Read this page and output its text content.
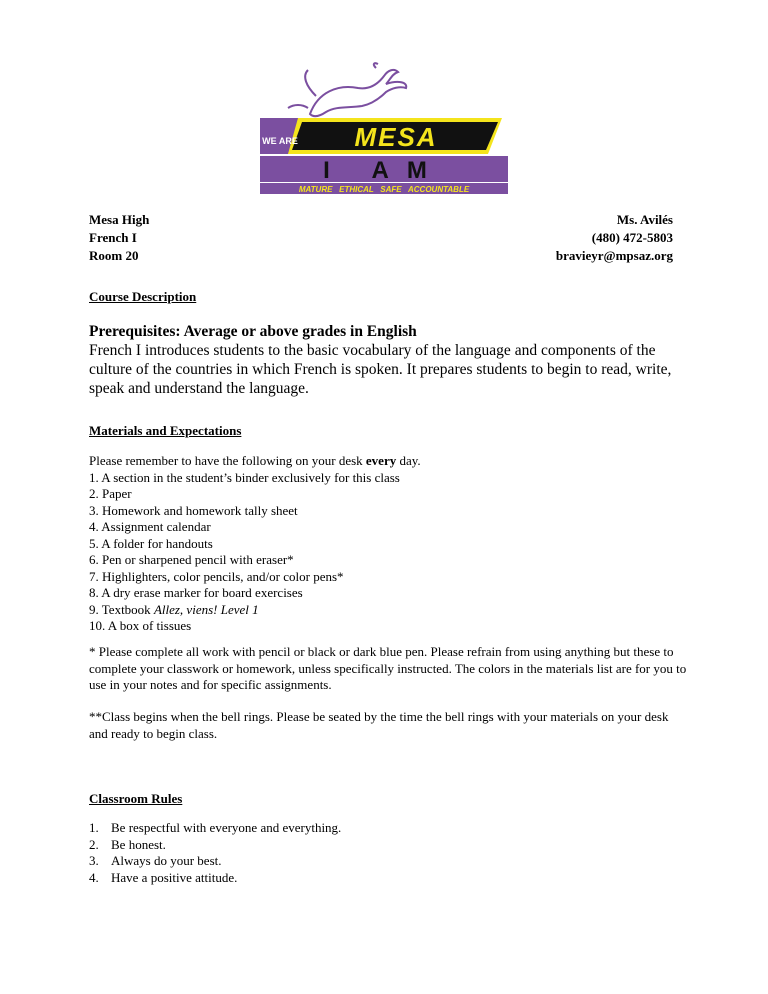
WE ARE MESA
I AM
MATURE   ETHICAL   SAFE   ACCOUNTABLE
Mesa High
French I
Room 20
Ms. Avilés
(480) 472-5803
bravieyr@mpsaz.org
Course Description
Prerequisites: Average or above grades in English
French I introduces students to the basic vocabulary of the language and components of the culture of the countries in which French is spoken. It prepares students to begin to read, write, speak and understand the language.
Materials and Expectations
Please remember to have the following on your desk every day.
1. A section in the student’s binder exclusively for this class
2. Paper
3. Homework and homework tally sheet
4. Assignment calendar
5. A folder for handouts
6. Pen or sharpened pencil with eraser*
7. Highlighters, color pencils, and/or color pens*
8. A dry erase marker for board exercises
9. Textbook Allez, viens! Level 1
10. A box of tissues
* Please complete all work with pencil or black or dark blue pen. Please refrain from using anything but these to complete your classwork or homework, unless specifically instructed. The colors in the materials list are for you to use in your notes and for specific assignments.
**Class begins when the bell rings. Please be seated by the time the bell rings with your materials on your desk and ready to begin class.
Classroom Rules
1. Be respectful with everyone and everything.
2. Be honest.
3. Always do your best.
4. Have a positive attitude.
